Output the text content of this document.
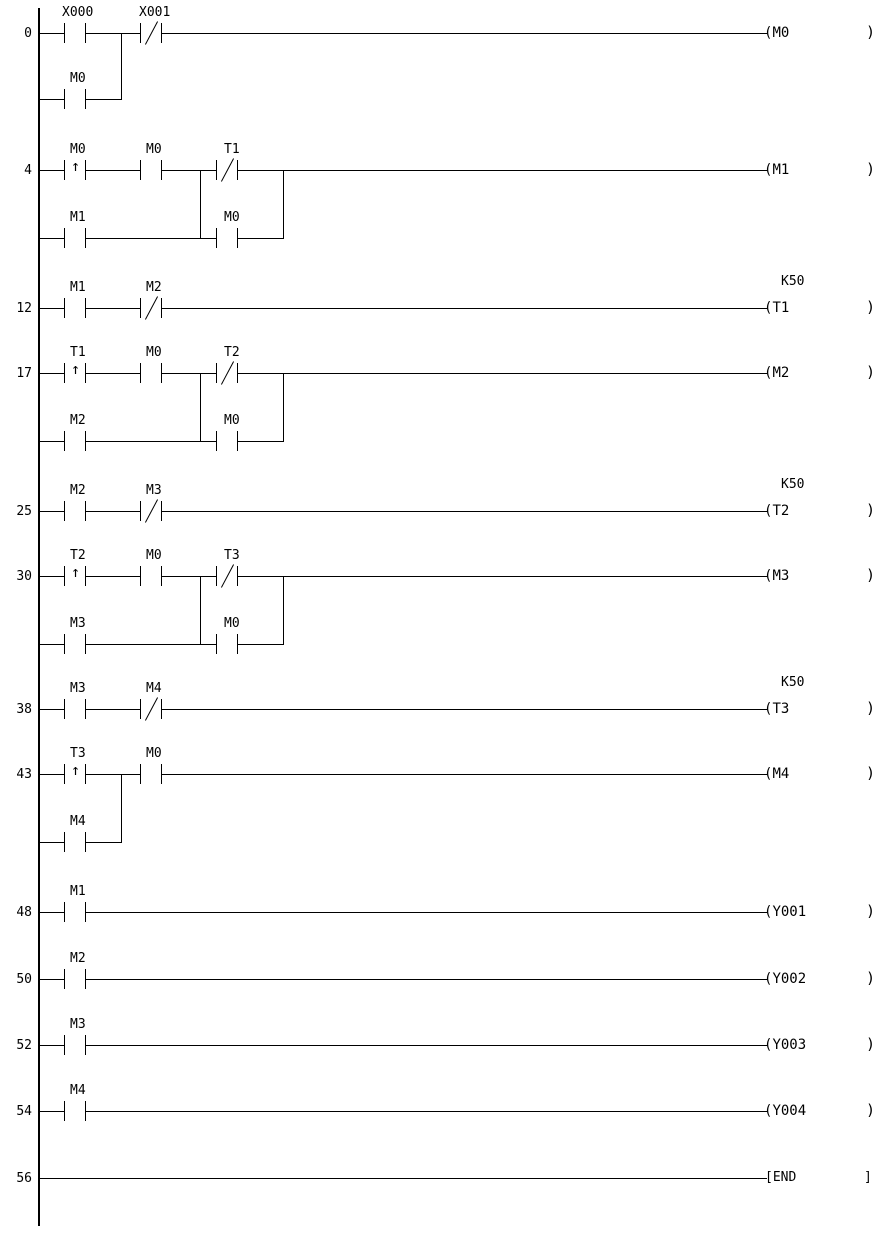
0
X000	X001
(M0	)
M0
4
M0
↑
M0	T1
(M1	)
M1	M0
12
M1	M2	K50
(T1	)
17
T1
↑
M0	T2
(M2	)
M2	M0
25
M2	M3	K50
(T2	)
30
T2
↑
M0	T3
(M3	)
M3	M0
38
M3	M4	K50
(T3	)
43
T3
↑
M0
(M4	)
M4
48
M1
(Y001	)
50
M2
(Y002	)
52
M3
(Y003	)
54
M4
(Y004	)
56	[END	]
